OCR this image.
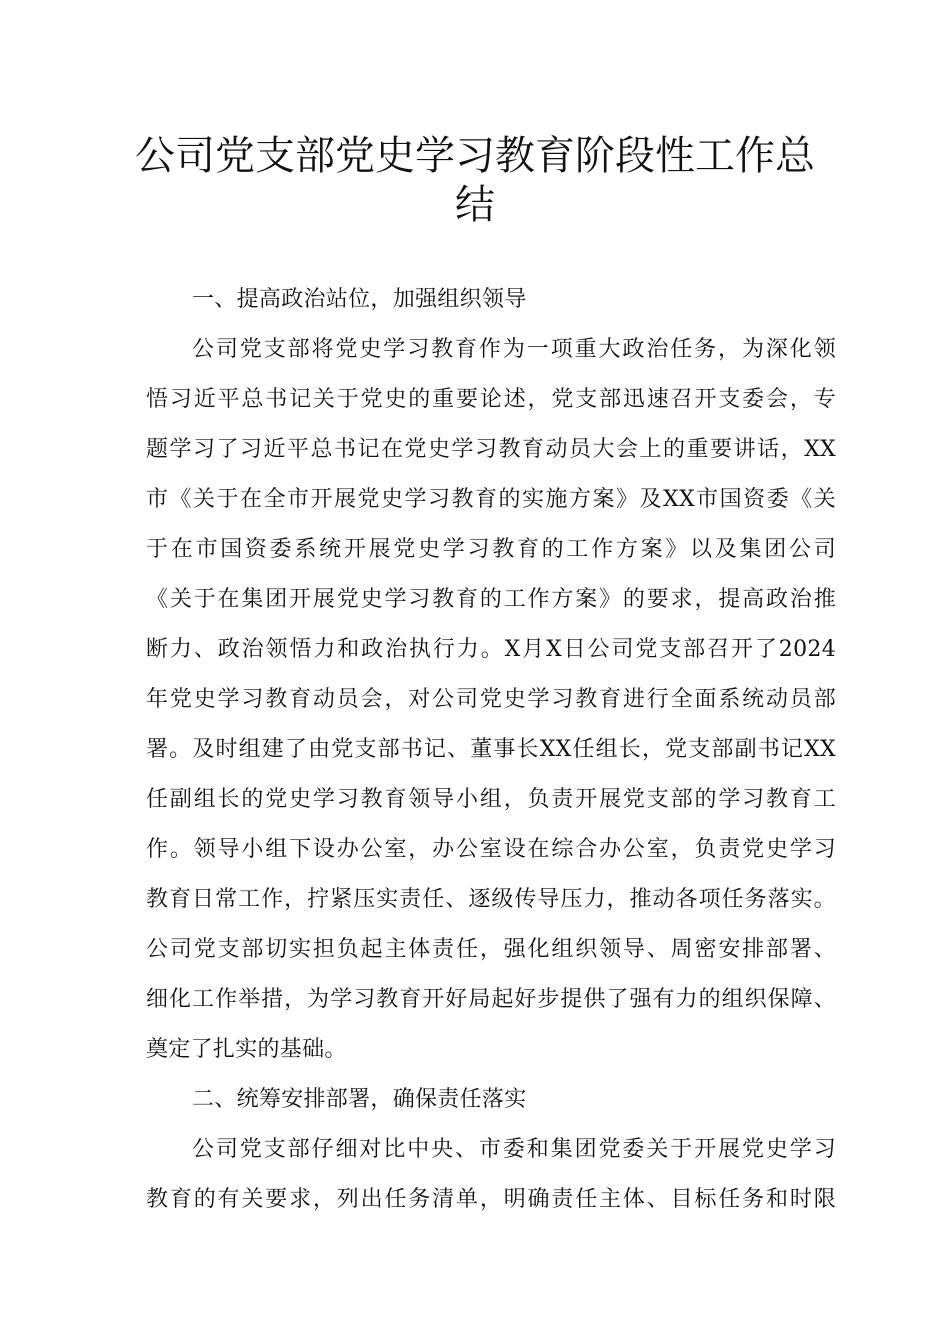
公司党支部党史学习教育阶段性工作总
结
一、提高政治站位，加强组织领导
公司党支部将党史学习教育作为一项重大政治任务，为深化领
悟习近平总书记关于党史的重要论述，党支部迅速召开支委会，专
题学习了习近平总书记在党史学习教育动员大会上的重要讲话，XX
市《关于在全市开展党史学习教育的实施方案》及XX市国资委《关
于在市国资委系统开展党史学习教育的工作方案》以及集团公司
《关于在集团开展党史学习教育的工作方案》的要求，提高政治推
断力、政治领悟力和政治执行力。X月X日公司党支部召开了2024
年党史学习教育动员会，对公司党史学习教育进行全面系统动员部
署。及时组建了由党支部书记、董事长XX任组长，党支部副书记XX
任副组长的党史学习教育领导小组，负责开展党支部的学习教育工
作。领导小组下设办公室，办公室设在综合办公室，负责党史学习
教育日常工作，拧紧压实责任、逐级传导压力，推动各项任务落实。
公司党支部切实担负起主体责任，强化组织领导、周密安排部署、
细化工作举措，为学习教育开好局起好步提供了强有力的组织保障、
奠定了扎实的基础。
二、统筹安排部署，确保责任落实
公司党支部仔细对比中央、市委和集团党委关于开展党史学习
教育的有关要求，列出任务清单，明确责任主体、目标任务和时限
